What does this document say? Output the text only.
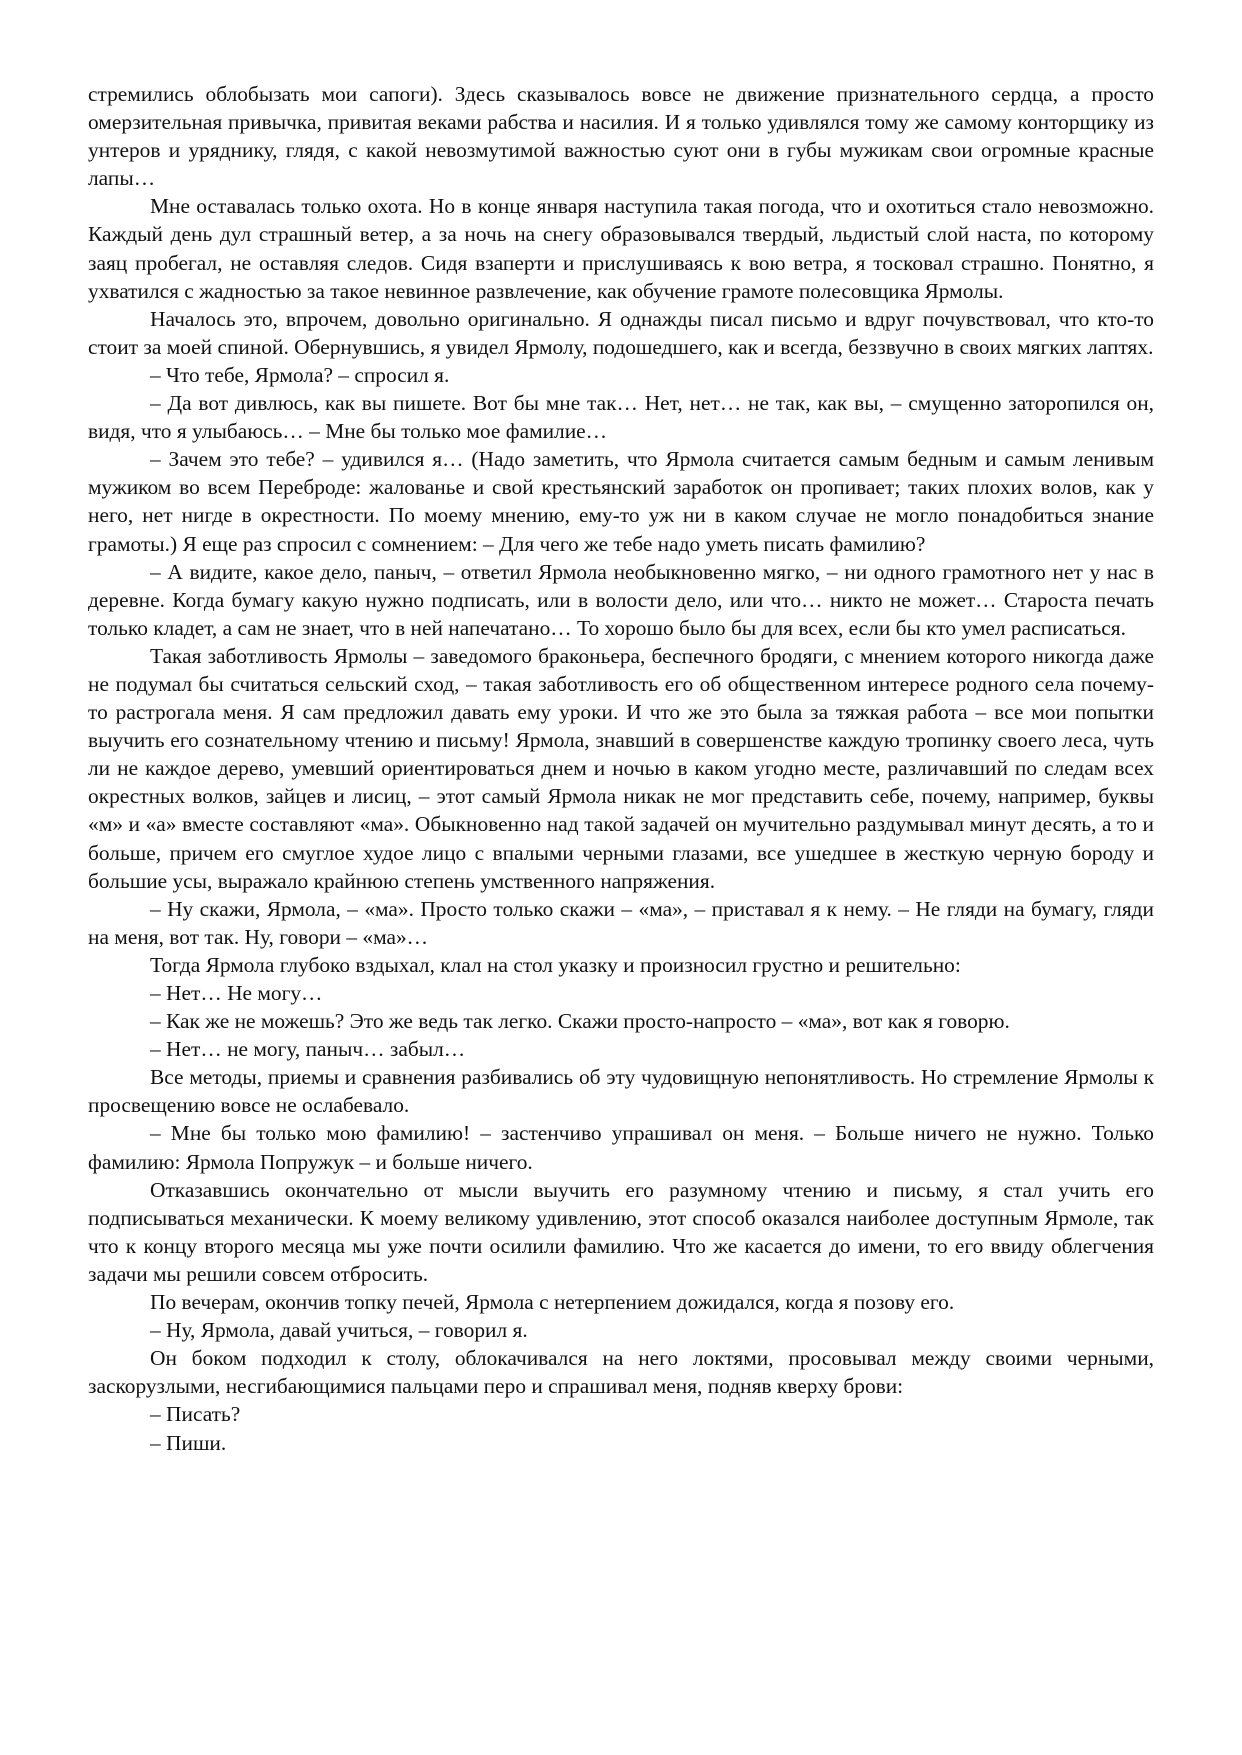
стремились облобызать мои сапоги). Здесь сказывалось вовсе не движение признательного сердца, а просто омерзительная привычка, привитая веками рабства и насилия. И я только удивлялся тому же самому конторщику из унтеров и уряднику, глядя, с какой невозмутимой важностью суют они в губы мужикам свои огромные красные лапы…

Мне оставалась только охота. Но в конце января наступила такая погода, что и охотиться стало невозможно. Каждый день дул страшный ветер, а за ночь на снегу образовывался твердый, льдистый слой наста, по которому заяц пробегал, не оставляя следов. Сидя взаперти и прислушиваясь к вою ветра, я тосковал страшно. Понятно, я ухватился с жадностью за такое невинное развлечение, как обучение грамоте полесовщика Ярмолы.

Началось это, впрочем, довольно оригинально. Я однажды писал письмо и вдруг почувствовал, что кто-то стоит за моей спиной. Обернувшись, я увидел Ярмолу, подошедшего, как и всегда, беззвучно в своих мягких лаптях.

– Что тебе, Ярмола? – спросил я.

– Да вот дивлюсь, как вы пишете. Вот бы мне так… Нет, нет… не так, как вы, – смущенно заторопился он, видя, что я улыбаюсь… – Мне бы только мое фамилие…

– Зачем это тебе? – удивился я… (Надо заметить, что Ярмола считается самым бедным и самым ленивым мужиком во всем Переброде: жалованье и свой крестьянский заработок он пропивает; таких плохих волов, как у него, нет нигде в окрестности. По моему мнению, ему-то уж ни в каком случае не могло понадобиться знание грамоты.) Я еще раз спросил с сомнением: – Для чего же тебе надо уметь писать фамилию?

– А видите, какое дело, паныч, – ответил Ярмола необыкновенно мягко, – ни одного грамотного нет у нас в деревне. Когда бумагу какую нужно подписать, или в волости дело, или что… никто не может… Староста печать только кладет, а сам не знает, что в ней напечатано… То хорошо было бы для всех, если бы кто умел расписаться.

Такая заботливость Ярмолы – заведомого браконьера, беспечного бродяги, с мнением которого никогда даже не подумал бы считаться сельский сход, – такая заботливость его об общественном интересе родного села почему-то растрогала меня. Я сам предложил давать ему уроки. И что же это была за тяжкая работа – все мои попытки выучить его сознательному чтению и письму! Ярмола, знавший в совершенстве каждую тропинку своего леса, чуть ли не каждое дерево, умевший ориентироваться днем и ночью в каком угодно месте, различавший по следам всех окрестных волков, зайцев и лисиц, – этот самый Ярмола никак не мог представить себе, почему, например, буквы «м» и «а» вместе составляют «ма». Обыкновенно над такой задачей он мучительно раздумывал минут десять, а то и больше, причем его смуглое худое лицо с впалыми черными глазами, все ушедшее в жесткую черную бороду и большие усы, выражало крайнюю степень умственного напряжения.

– Ну скажи, Ярмола, – «ма». Просто только скажи – «ма», – приставал я к нему. – Не гляди на бумагу, гляди на меня, вот так. Ну, говори – «ма»…

Тогда Ярмола глубоко вздыхал, клал на стол указку и произносил грустно и решительно:

– Нет… Не могу…

– Как же не можешь? Это же ведь так легко. Скажи просто-напросто – «ма», вот как я говорю.

– Нет… не могу, паныч… забыл…

Все методы, приемы и сравнения разбивались об эту чудовищную непонятливость. Но стремление Ярмолы к просвещению вовсе не ослабевало.

– Мне бы только мою фамилию! – застенчиво упрашивал он меня. – Больше ничего не нужно. Только фамилию: Ярмола Попружук – и больше ничего.

Отказавшись окончательно от мысли выучить его разумному чтению и письму, я стал учить его подписываться механически. К моему великому удивлению, этот способ оказался наиболее доступным Ярмоле, так что к концу второго месяца мы уже почти осилили фамилию. Что же касается до имени, то его ввиду облегчения задачи мы решили совсем отбросить.

По вечерам, окончив топку печей, Ярмола с нетерпением дожидался, когда я позову его.

– Ну, Ярмола, давай учиться, – говорил я.

Он боком подходил к столу, облокачивался на него локтями, просовывал между своими черными, заскорузлыми, несгибающимися пальцами перо и спрашивал меня, подняв кверху брови:

– Писать?

– Пиши.
